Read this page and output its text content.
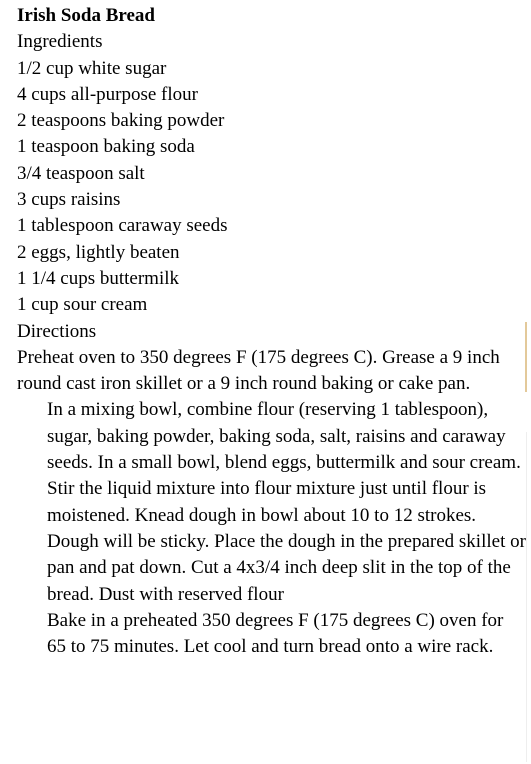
Irish Soda Bread
Ingredients
1/2 cup white sugar
4 cups all-purpose flour
2 teaspoons baking powder
1 teaspoon baking soda
3/4 teaspoon salt
3 cups raisins
1 tablespoon caraway seeds
2 eggs, lightly beaten
1 1/4 cups buttermilk
1 cup sour cream
Directions
Preheat oven to 350 degrees F (175 degrees C). Grease a 9 inch round cast iron skillet or a 9 inch round baking or cake pan.
In a mixing bowl, combine flour (reserving 1 tablespoon), sugar, baking powder, baking soda, salt, raisins and caraway seeds. In a small bowl, blend eggs, buttermilk and sour cream. Stir the liquid mixture into flour mixture just until flour is moistened. Knead dough in bowl about 10 to 12 strokes. Dough will be sticky. Place the dough in the prepared skillet or pan and pat down. Cut a 4x3/4 inch deep slit in the top of the bread. Dust with reserved flour
Bake in a preheated 350 degrees F (175 degrees C) oven for 65 to 75 minutes. Let cool and turn bread onto a wire rack.
